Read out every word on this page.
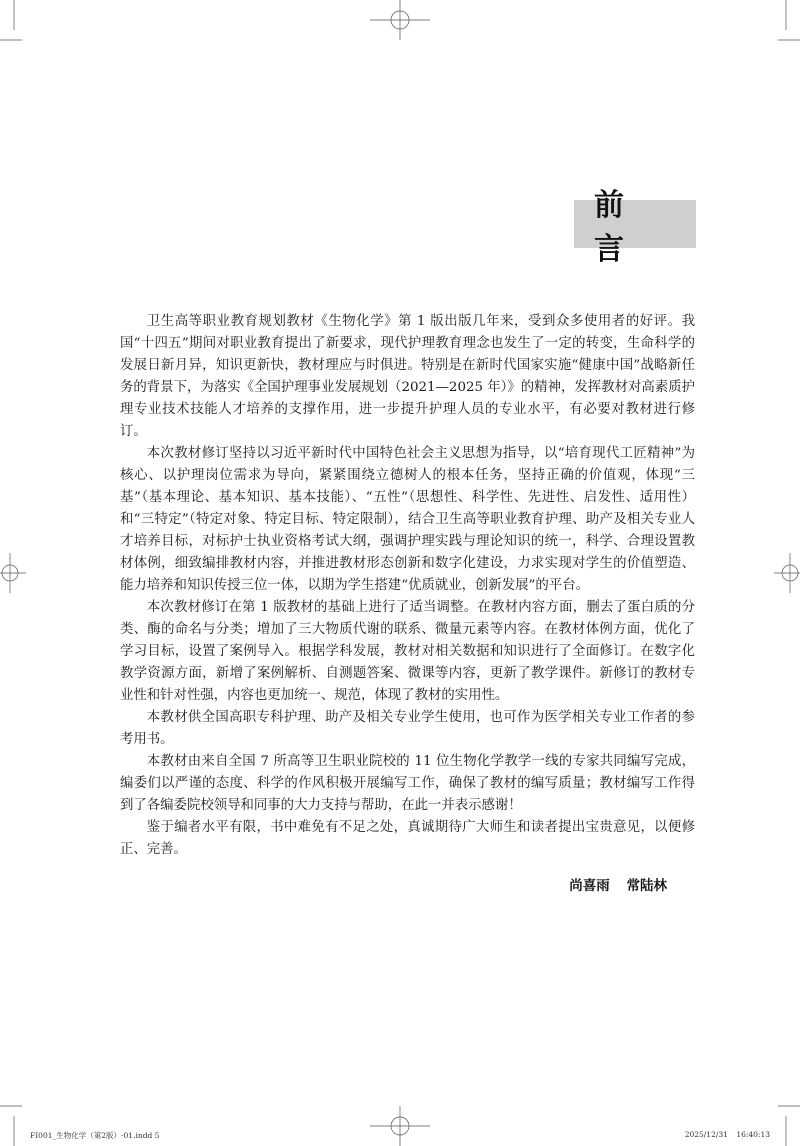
前 言

卫生高等职业教育规划教材《生物化学》第 1 版出版几年来，受到众多使用者的好评。我国“十四五”期间对职业教育提出了新要求，现代护理教育理念也发生了一定的转变，生命科学的发展日新月异，知识更新快，教材理应与时俱进。特别是在新时代国家实施“健康中国”战略新任务的背景下，为落实《全国护理事业发展规划（2021—2025 年）》的精神，发挥教材对高素质护理专业技术技能人才培养的支撑作用，进一步提升护理人员的专业水平，有必要对教材进行修订。

本次教材修订坚持以习近平新时代中国特色社会主义思想为指导，以“培育现代工匠精神”为核心、以护理岗位需求为导向，紧紧围绕立德树人的根本任务，坚持正确的价值观，体现“三基”（基本理论、基本知识、基本技能）、“五性”（思想性、科学性、先进性、启发性、适用性）和“三特定”（特定对象、特定目标、特定限制），结合卫生高等职业教育护理、助产及相关专业人才培养目标，对标护士执业资格考试大纲，强调护理实践与理论知识的统一，科学、合理设置教材体例，细致编排教材内容，并推进教材形态创新和数字化建设，力求实现对学生的价值塑造、能力培养和知识传授三位一体，以期为学生搭建“优质就业，创新发展”的平台。

本次教材修订在第 1 版教材的基础上进行了适当调整。在教材内容方面，删去了蛋白质的分类、酶的命名与分类；增加了三大物质代谢的联系、微量元素等内容。在教材体例方面，优化了学习目标，设置了案例导入。根据学科发展，教材对相关数据和知识进行了全面修订。在数字化教学资源方面，新增了案例解析、自测题答案、微课等内容，更新了教学课件。新修订的教材专业性和针对性强，内容也更加统一、规范，体现了教材的实用性。

本教材供全国高职专科护理、助产及相关专业学生使用，也可作为医学相关专业工作者的参考用书。

本教材由来自全国 7 所高等卫生职业院校的 11 位生物化学教学一线的专家共同编写完成，编委们以严谨的态度、科学的作风积极开展编写工作，确保了教材的编写质量；教材编写工作得到了各编委院校领导和同事的大力支持与帮助，在此一并表示感谢！

鉴于编者水平有限，书中难免有不足之处，真诚期待广大师生和读者提出宝贵意见，以便修正、完善。

尚喜雨 常陆林
FI001_生物化学（第2版）-01.indd 5	2025/12/31 16:40:13
